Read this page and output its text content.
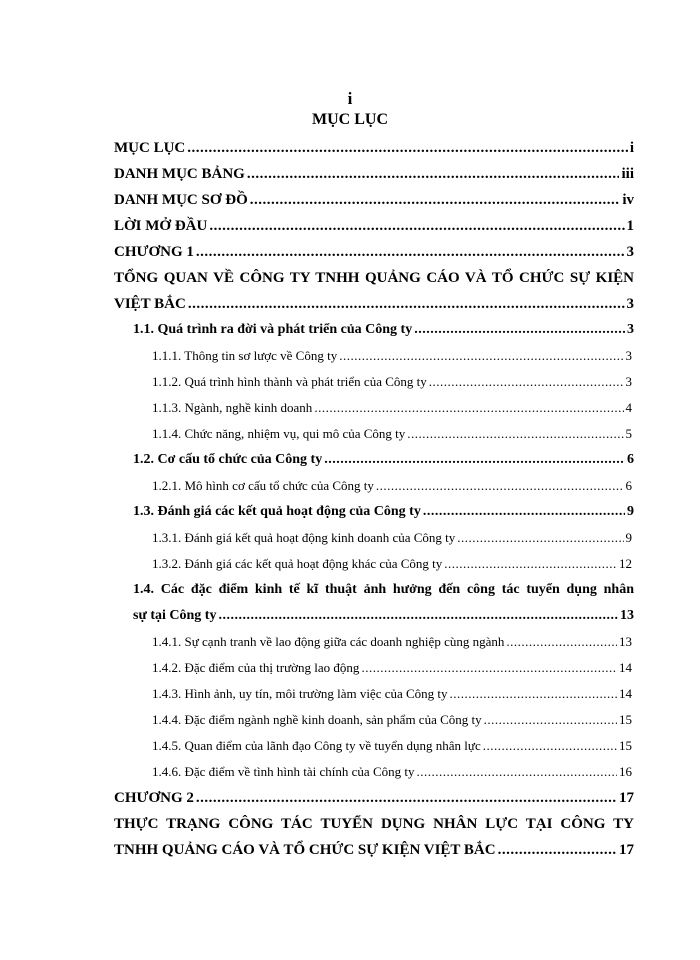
i
MỤC LỤC
MỤC LỤC .....	i
DANH MỤC BẢNG .....	iii
DANH MỤC SƠ ĐỒ .....	iv
LỜI MỞ ĐẦU .....	1
CHƯƠNG 1 .....	3
TỔNG QUAN VỀ CÔNG TY TNHH QUẢNG CÁO VÀ TỔ CHỨC SỰ KIỆN
VIỆT BẮC .....	3
1.1. Quá trình ra đời và phát triển của Công ty .....	3
1.1.1. Thông tin sơ lược về Công ty .....	3
1.1.2. Quá trình hình thành và phát triển của Công ty .....	3
1.1.3. Ngành, nghề kinh doanh .....	4
1.1.4. Chức năng, nhiệm vụ, qui mô của Công ty .....	5
1.2. Cơ cấu tổ chức của Công ty .....	6
1.2.1. Mô hình cơ cấu tổ chức của Công ty .....	6
1.3. Đánh giá các kết quả hoạt động của Công ty .....	9
1.3.1. Đánh giá kết quả hoạt động kinh doanh của Công ty .....	9
1.3.2. Đánh giá các kết quả hoạt động khác của Công ty .....	12
1.4. Các đặc điểm kinh tế kĩ thuật ảnh hưởng đến công tác tuyển dụng nhân
sự tại Công ty .....	13
1.4.1. Sự cạnh tranh về lao động giữa các doanh nghiệp cùng ngành .....	13
1.4.2. Đặc điểm của thị trường lao động .....	14
1.4.3. Hình ảnh, uy tín, môi trường làm việc của Công ty .....	14
1.4.4. Đặc điểm ngành nghề kinh doanh, sản phẩm của Công ty .....	15
1.4.5. Quan điểm của lãnh đạo Công ty về tuyển dụng nhân lực .....	15
1.4.6. Đặc điểm về tình hình tài chính của Công ty .....	16
CHƯƠNG 2 .....	17
THỰC TRẠNG CÔNG TÁC TUYỂN DỤNG NHÂN LỰC TẠI CÔNG TY
TNHH QUẢNG CÁO VÀ TỔ CHỨC SỰ KIỆN VIỆT BẮC .....	17
